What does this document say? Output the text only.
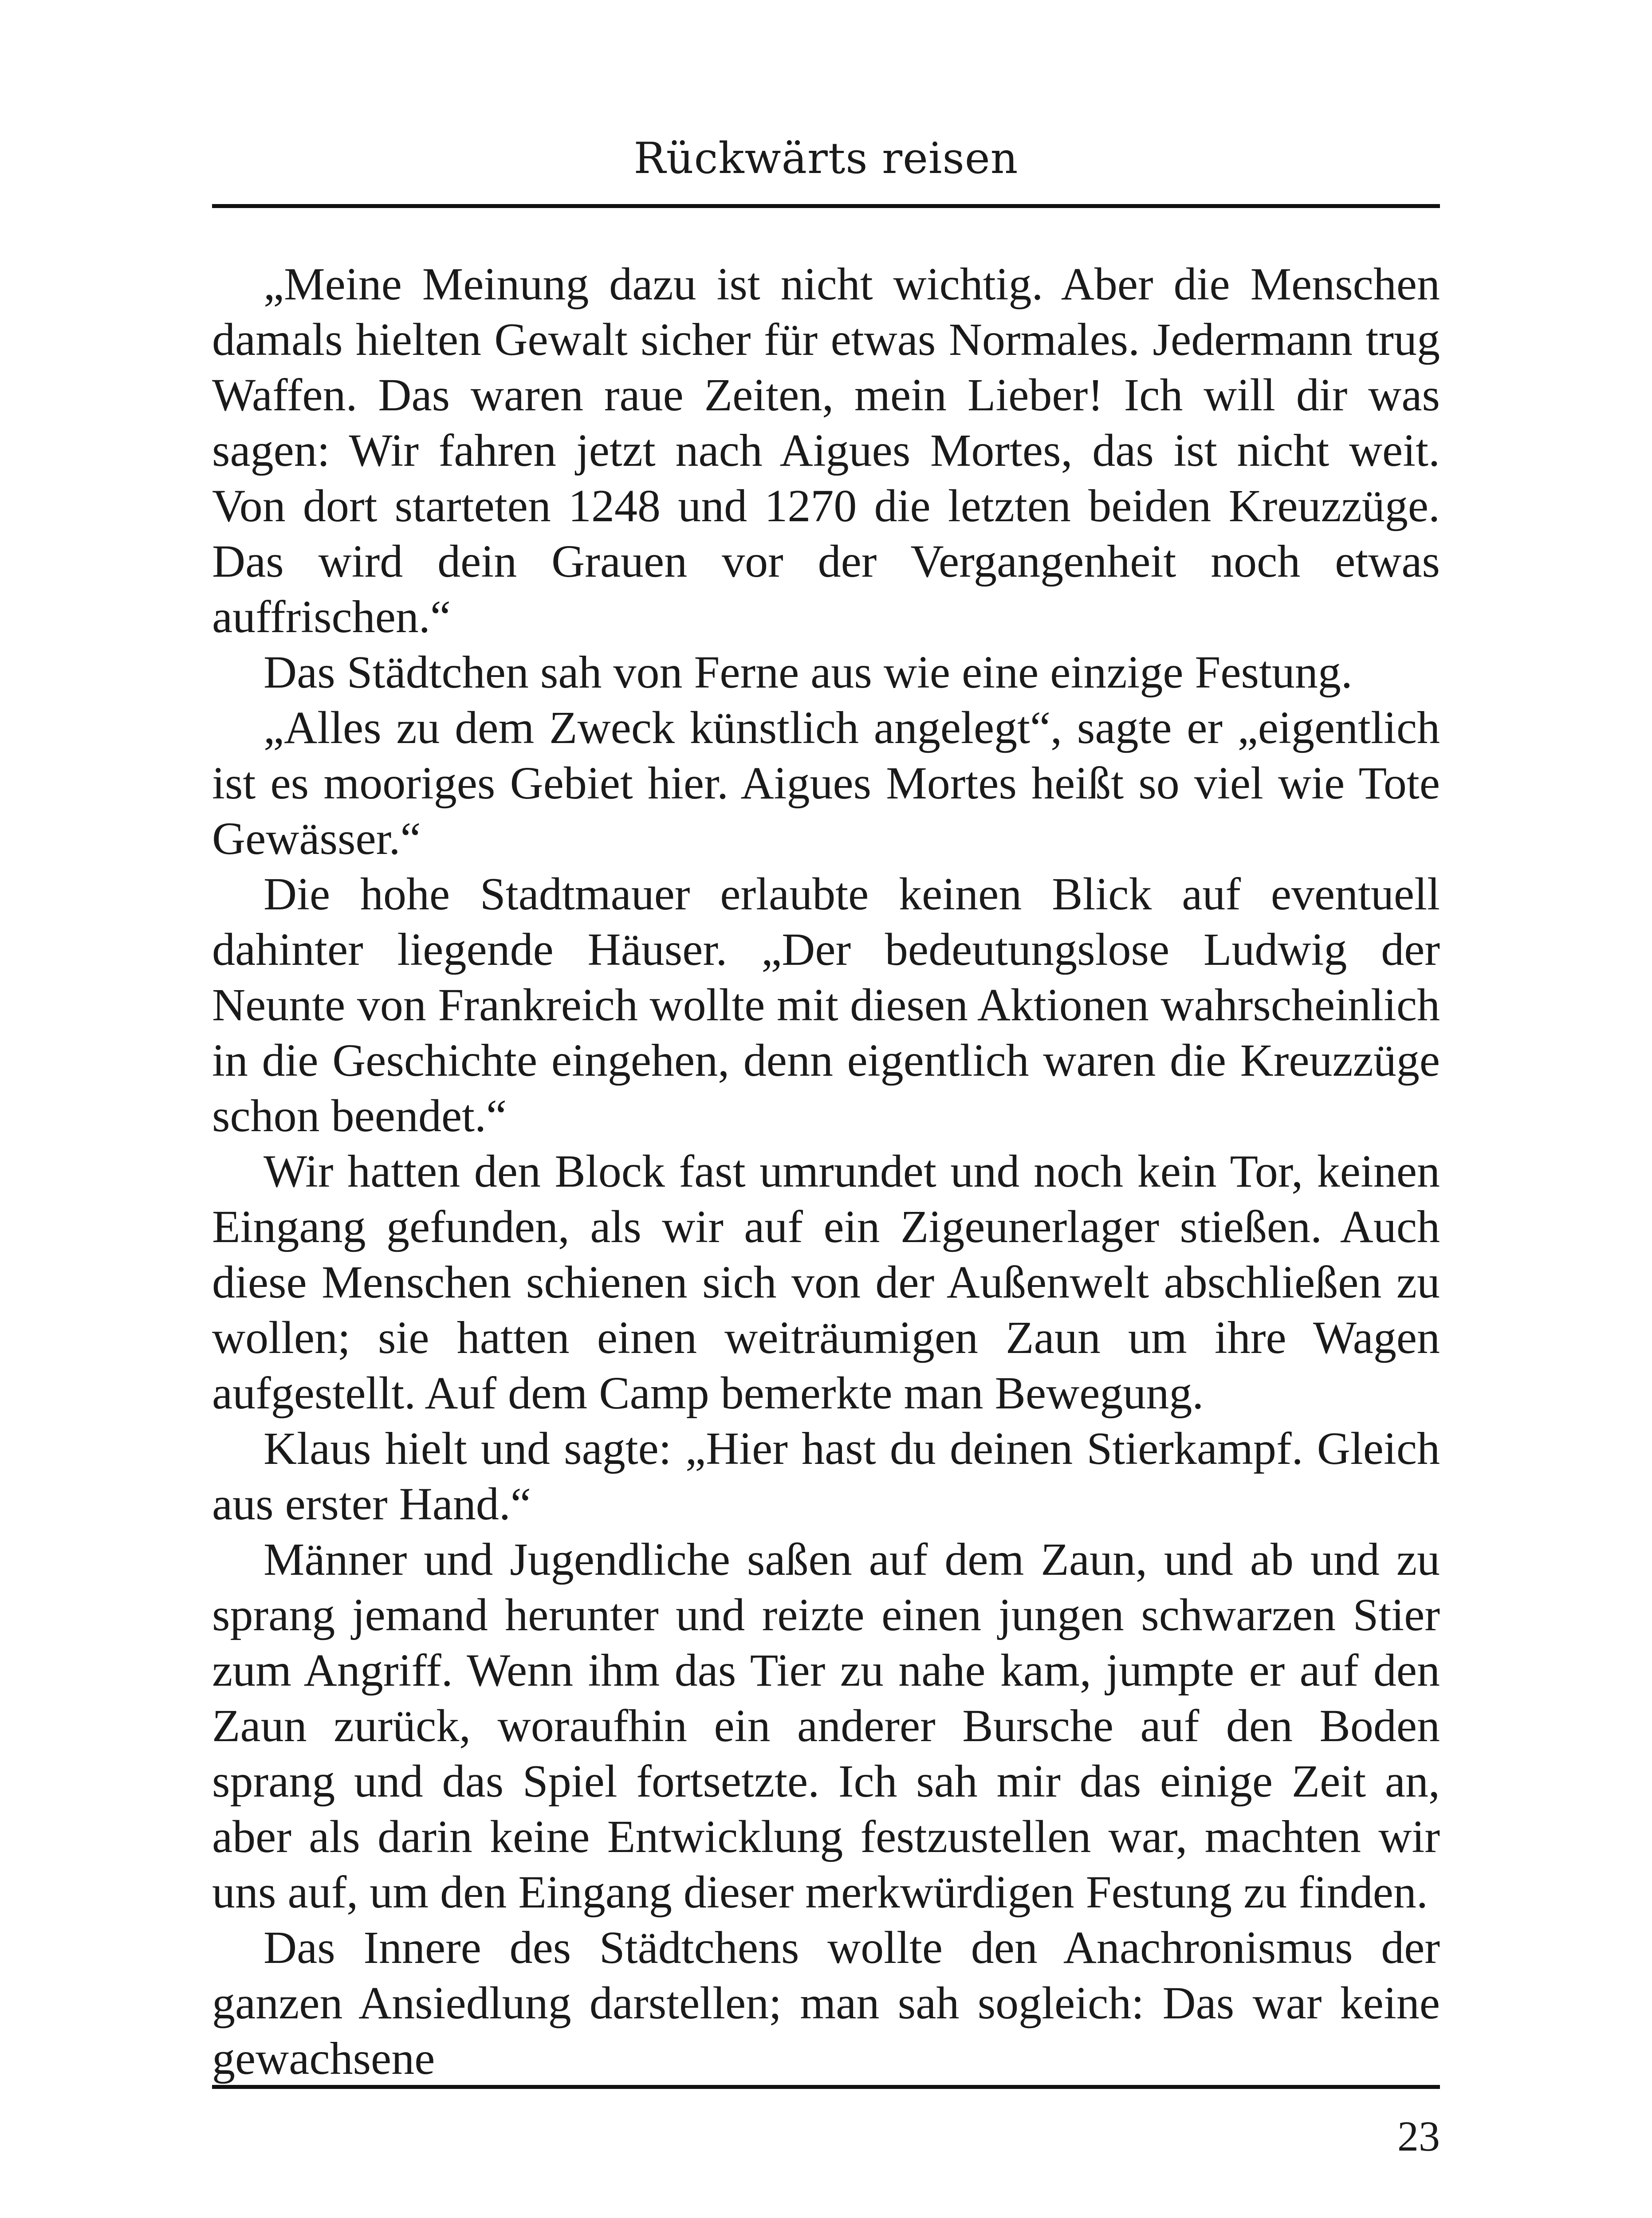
Rückwärts reisen

„Meine Meinung dazu ist nicht wichtig. Aber die Menschen damals hielten Gewalt sicher für etwas Normales. Jedermann trug Waffen. Das waren raue Zeiten, mein Lieber! Ich will dir was sagen: Wir fahren jetzt nach Aigues Mortes, das ist nicht weit. Von dort starteten 1248 und 1270 die letzten beiden Kreuzzüge. Das wird dein Grauen vor der Vergangenheit noch etwas auffrischen.“

Das Städtchen sah von Ferne aus wie eine einzige Festung.

„Alles zu dem Zweck künstlich angelegt“, sagte er „eigentlich ist es mooriges Gebiet hier. Aigues Mortes heißt so viel wie Tote Gewässer.“

Die hohe Stadtmauer erlaubte keinen Blick auf eventuell dahinter liegende Häuser. „Der bedeutungslose Ludwig der Neunte von Frankreich wollte mit diesen Aktionen wahrscheinlich in die Geschichte eingehen, denn eigentlich waren die Kreuzzüge schon beendet.“

Wir hatten den Block fast umrundet und noch kein Tor, keinen Eingang gefunden, als wir auf ein Zigeunerlager stießen. Auch diese Menschen schienen sich von der Außenwelt abschließen zu wollen; sie hatten einen weiträumigen Zaun um ihre Wagen aufgestellt. Auf dem Camp bemerkte man Bewegung.

Klaus hielt und sagte: „Hier hast du deinen Stierkampf. Gleich aus erster Hand.“

Männer und Jugendliche saßen auf dem Zaun, und ab und zu sprang jemand herunter und reizte einen jungen schwarzen Stier zum Angriff. Wenn ihm das Tier zu nahe kam, jumpte er auf den Zaun zurück, woraufhin ein anderer Bursche auf den Boden sprang und das Spiel fortsetzte. Ich sah mir das einige Zeit an, aber als darin keine Entwicklung festzustellen war, machten wir uns auf, um den Eingang dieser merkwürdigen Festung zu finden.

Das Innere des Städtchens wollte den Anachronismus der ganzen Ansiedlung darstellen; man sah sogleich: Das war keine gewachsene

23
